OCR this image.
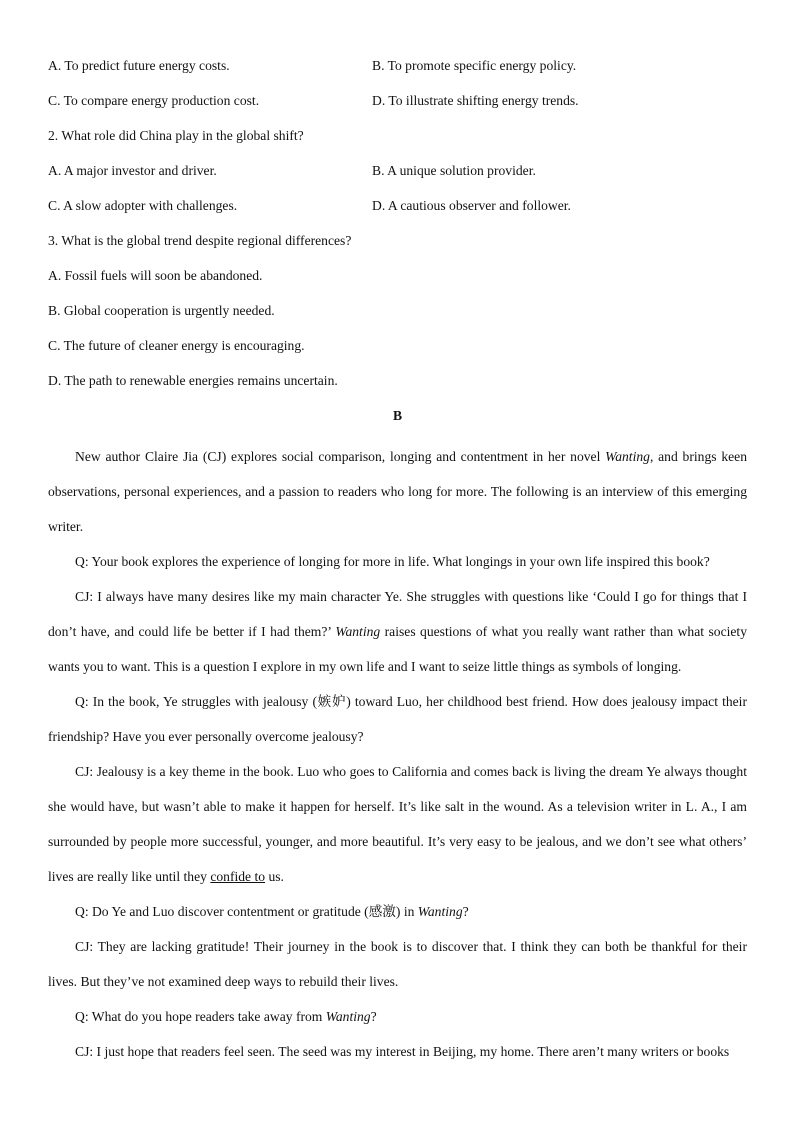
A. To predict future energy costs.	B. To promote specific energy policy.
C. To compare energy production cost.	D. To illustrate shifting energy trends.
2. What role did China play in the global shift?
A. A major investor and driver.	B. A unique solution provider.
C. A slow adopter with challenges.	D. A cautious observer and follower.
3. What is the global trend despite regional differences?
A. Fossil fuels will soon be abandoned.
B. Global cooperation is urgently needed.
C. The future of cleaner energy is encouraging.
D. The path to renewable energies remains uncertain.
B

New author Claire Jia (CJ) explores social comparison, longing and contentment in her novel Wanting, and brings keen observations, personal experiences, and a passion to readers who long for more. The following is an interview of this emerging writer.

Q: Your book explores the experience of longing for more in life. What longings in your own life inspired this book?

CJ: I always have many desires like my main character Ye. She struggles with questions like ‘Could I go for things that I don’t have, and could life be better if I had them?’ Wanting raises questions of what you really want rather than what society wants you to want. This is a question I explore in my own life and I want to seize little things as symbols of longing.

Q: In the book, Ye struggles with jealousy (嫉妒) toward Luo, her childhood best friend. How does jealousy impact their friendship? Have you ever personally overcome jealousy?

CJ: Jealousy is a key theme in the book. Luo who goes to California and comes back is living the dream Ye always thought she would have, but wasn’t able to make it happen for herself. It’s like salt in the wound. As a television writer in L. A., I am surrounded by people more successful, younger, and more beautiful. It’s very easy to be jealous, and we don’t see what others’ lives are really like until they confide to us.

Q: Do Ye and Luo discover contentment or gratitude (感激) in Wanting?

CJ: They are lacking gratitude! Their journey in the book is to discover that. I think they can both be thankful for their lives. But they’ve not examined deep ways to rebuild their lives.

Q: What do you hope readers take away from Wanting?

CJ: I just hope that readers feel seen. The seed was my interest in Beijing, my home. There aren’t many writers or books
